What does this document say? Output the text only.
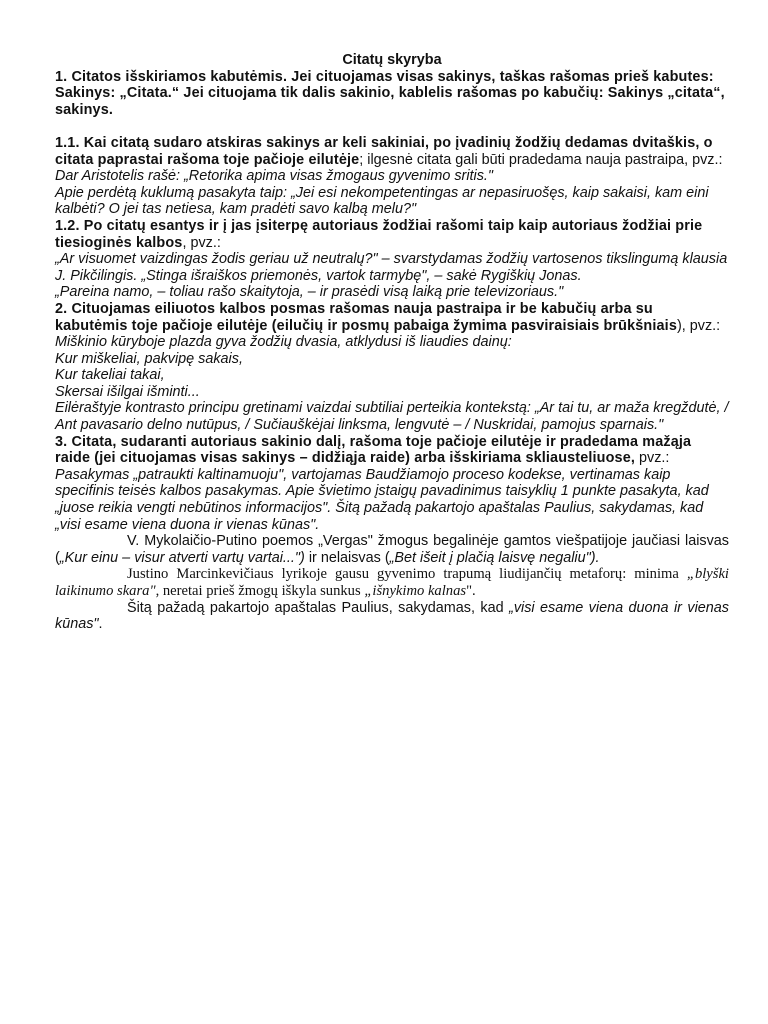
Citatų skyryba

1. Citatos išskiriamos kabutėmis. Jei cituojamas visas sakinys, taškas rašomas prieš kabutes: Sakinys: „Citata.“ Jei cituojama tik dalis sakinio, kablelis rašomas po kabučių: Sakinys „citata“, sakinys.

1.1. Kai citatą sudaro atskiras sakinys ar keli sakiniai, po įvadinių žodžių dedamas dvitaškis, o citata paprastai rašoma toje pačioje eilutėje; ilgesnė citata gali būti pradedama nauja pastraipa, pvz.:

Dar Aristotelis rašė: „Retorika apima visas žmogaus gyvenimo sritis."

Apie perdėtą kuklumą pasakyta taip: „Jei esi nekompetentingas ar nepasiruošęs, kaip sakaisi, kam eini kalbėti? O jei tas netiesa, kam pradėti savo kalbą melu?"

1.2. Po citatų esantys ir į jas įsiterpę autoriaus žodžiai rašomi taip kaip autoriaus žodžiai prie tiesioginės kalbos, pvz.:

„Ar visuomet vaizdingas žodis geriau už neutralų?" – svarstydamas žodžių vartosenos tikslingumą klausia J. Pikčilingis. „Stinga išraiškos priemonės, vartok tarmybę", – sakė Rygiškių Jonas.

„Pareina namo, – toliau rašo skaitytoja, – ir prasėdi visą laiką prie televizoriaus."

2. Cituojamas eiliuotos kalbos posmas rašomas nauja pastraipa ir be kabučių arba su kabutėmis toje pačioje eilutėje (eilučių ir posmų pabaiga žymima pasviraisiais brūkšniais), pvz.:

Miškinio kūryboje plazda gyva žodžių dvasia, atklydusi iš liaudies dainų:

Kur miškeliai, pakvipę sakais,

Kur takeliai takai,

Skersai išilgai išminti...

Eilėraštyje kontrasto principu gretinami vaizdai subtiliai perteikia kontekstą: „Ar tai tu, ar maža kregždutė, / Ant pavasario delno nutūpus, / Sučiauškėjai linksma, lengvutė – / Nuskridai, pamojus sparnais."

3. Citata, sudaranti autoriaus sakinio dalį, rašoma toje pačioje eilutėje ir pradedama mažąja raide (jei cituojamas visas sakinys – didžiąja raide) arba išskiriama skliausteliuose, pvz.:

Pasakymas „patraukti kaltinamuoju", vartojamas Baudžiamojo proceso kodekse, vertinamas kaip specifinis teisės kalbos pasakymas. Apie švietimo įstaigų pavadinimus taisyklių 1 punkte pasakyta, kad „juose reikia vengti nebūtinos informacijos". Šitą pažadą pakartojo apaštalas Paulius, sakydamas, kad „visi esame viena duona ir vienas kūnas".

V. Mykolaičio-Putino poemos „Vergas" žmogus begalinėje gamtos viešpatijoje jaučiasi laisvas („Kur einu – visur atverti vartų vartai...") ir nelaisvas („Bet išeit į plačią laisvę negaliu").

Justino Marcinkevičiaus lyrikoje gausu gyvenimo trapumą liudijančių metaforų: minima „blyški laikinumo skara", neretai prieš žmogų iškyla sunkus „išnykimo kalnas".

Šitą pažadą pakartojo apaštalas Paulius, sakydamas, kad „visi esame viena duona ir vienas kūnas".
